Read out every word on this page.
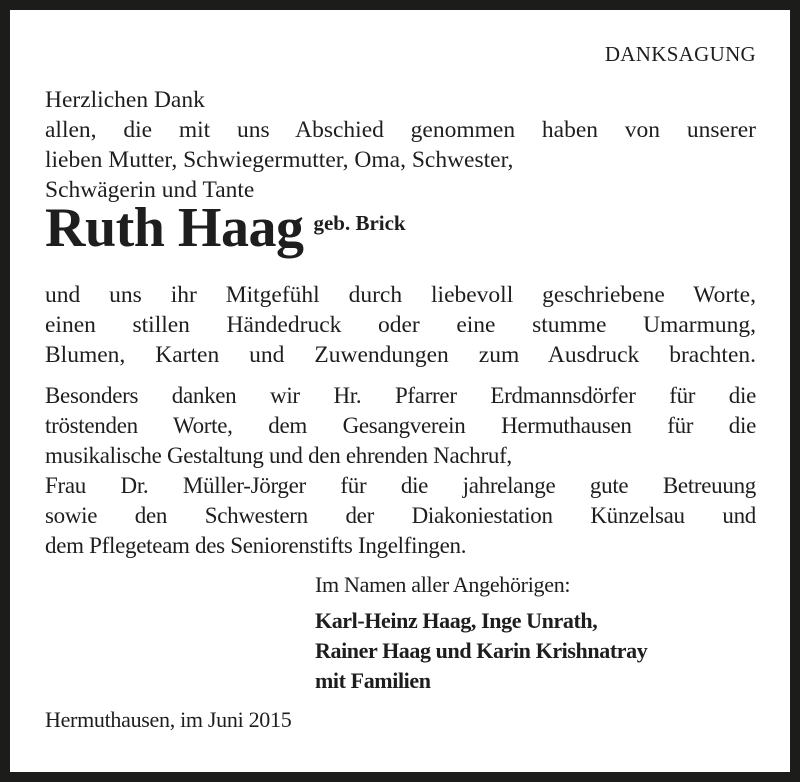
DANKSAGUNG
Herzlichen Dank
allen, die mit uns Abschied genommen haben von unserer
lieben Mutter, Schwiegermutter, Oma, Schwester,
Schwägerin und Tante
Ruth Haag geb. Brick
und uns ihr Mitgefühl durch liebevoll geschriebene Worte,
einen stillen Händedruck oder eine stumme Umarmung,
Blumen, Karten und Zuwendungen zum Ausdruck brachten.
Besonders danken wir Hr. Pfarrer Erdmannsdörfer für die
tröstenden Worte, dem Gesangverein Hermuthausen für die
musikalische Gestaltung und den ehrenden Nachruf,
Frau Dr. Müller-Jörger für die jahrelange gute Betreuung
sowie den Schwestern der Diakoniestation Künzelsau und
dem Pflegeteam des Seniorenstifts Ingelfingen.
Im Namen aller Angehörigen:
Karl-Heinz Haag, Inge Unrath,
Rainer Haag und Karin Krishnatray
mit Familien
Hermuthausen, im Juni 2015
